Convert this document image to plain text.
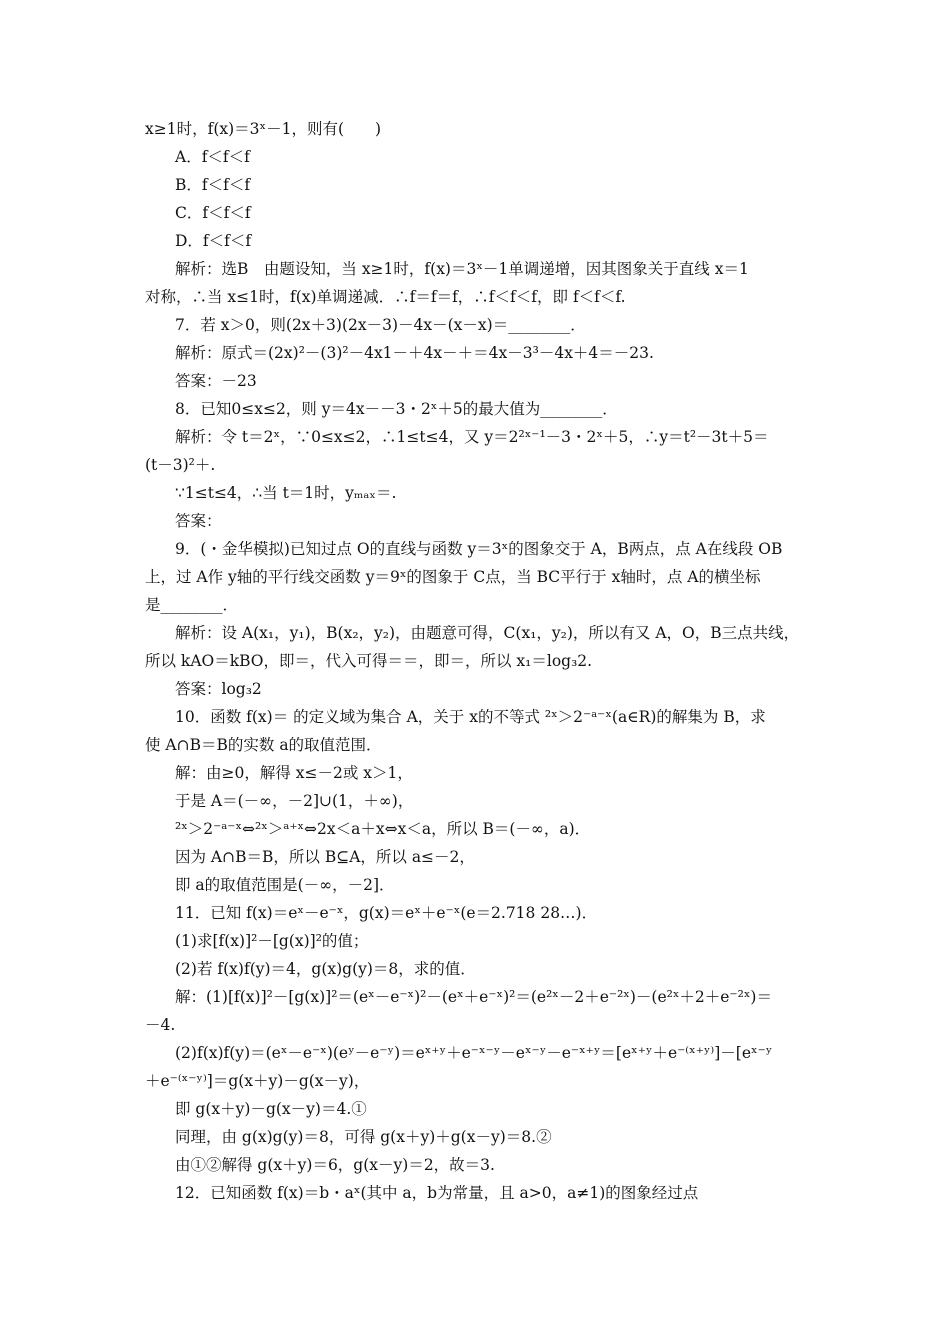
x≥1时，f(x)＝3ˣ－1，则有(　　)
A．f＜f＜f
B．f＜f＜f
C．f＜f＜f
D．f＜f＜f
解析：选B　由题设知，当 x≥1时，f(x)＝3ˣ－1单调递增，因其图象关于直线 x＝1
对称，∴当 x≤1时，f(x)单调递减．∴f＝f＝f，∴f＜f＜f，即 f＜f＜f.
7．若 x＞0，则(2x＋3)(2x－3)－4x－(x－x)＝________．
解析：原式＝(2x)²－(3)²－4x1－＋4x－＋＝4x－3³－4x＋4＝－23.
答案：－23
8．已知0≤x≤2，则 y＝4x－－3・2ˣ＋5的最大值为________．
解析：令 t＝2ˣ，∵0≤x≤2，∴1≤t≤4，又 y＝2²ˣ⁻¹－3・2ˣ＋5，∴y＝t²－3t＋5＝
(t－3)²＋.
∵1≤t≤4，∴当 t＝1时，yₘₐₓ＝.
答案：
9．(・金华模拟)已知过点 O的直线与函数 y＝3ˣ的图象交于 A，B两点，点 A在线段 OB
上，过 A作 y轴的平行线交函数 y＝9ˣ的图象于 C点，当 BC平行于 x轴时，点 A的横坐标
是________．
解析：设 A(x₁，y₁)，B(x₂，y₂)，由题意可得，C(x₁，y₂)，所以有又 A，O，B三点共线，
所以 kAO＝kBO，即＝，代入可得＝＝，即＝，所以 x₁＝log₃2.
答案：log₃2
10．函数 f(x)＝ 的定义域为集合 A，关于 x的不等式 ²ˣ＞2⁻ᵃ⁻ˣ(a∈R)的解集为 B，求
使 A∩B＝B的实数 a的取值范围．
解：由≥0，解得 x≤－2或 x＞1，
于是 A＝(－∞，－2]∪(1，＋∞)，
²ˣ＞2⁻ᵃ⁻ˣ⇔²ˣ＞ᵃ⁺ˣ⇔2x＜a＋x⇔x＜a，所以 B＝(－∞，a)．
因为 A∩B＝B，所以 B⊆A，所以 a≤－2，
即 a的取值范围是(－∞，－2]．
11．已知 f(x)＝eˣ－e⁻ˣ，g(x)＝eˣ＋e⁻ˣ(e＝2.718 28…)．
(1)求[f(x)]²－[g(x)]²的值；
(2)若 f(x)f(y)＝4，g(x)g(y)＝8，求的值．
解：(1)[f(x)]²－[g(x)]²＝(eˣ－e⁻ˣ)²－(eˣ＋e⁻ˣ)²＝(e²ˣ－2＋e⁻²ˣ)－(e²ˣ＋2＋e⁻²ˣ)＝
－4.
(2)f(x)f(y)＝(eˣ－e⁻ˣ)(eʸ－e⁻ʸ)＝eˣ⁺ʸ＋e⁻ˣ⁻ʸ－eˣ⁻ʸ－e⁻ˣ⁺ʸ＝[eˣ⁺ʸ＋e⁻⁽ˣ⁺ʸ⁾]－[eˣ⁻ʸ
＋e⁻⁽ˣ⁻ʸ⁾]＝g(x＋y)－g(x－y)，
即 g(x＋y)－g(x－y)＝4.①
同理，由 g(x)g(y)＝8，可得 g(x＋y)＋g(x－y)＝8.②
由①②解得 g(x＋y)＝6，g(x－y)＝2，故＝3.
12．已知函数 f(x)＝b・aˣ(其中 a，b为常量，且 a>0，a≠1)的图象经过点
